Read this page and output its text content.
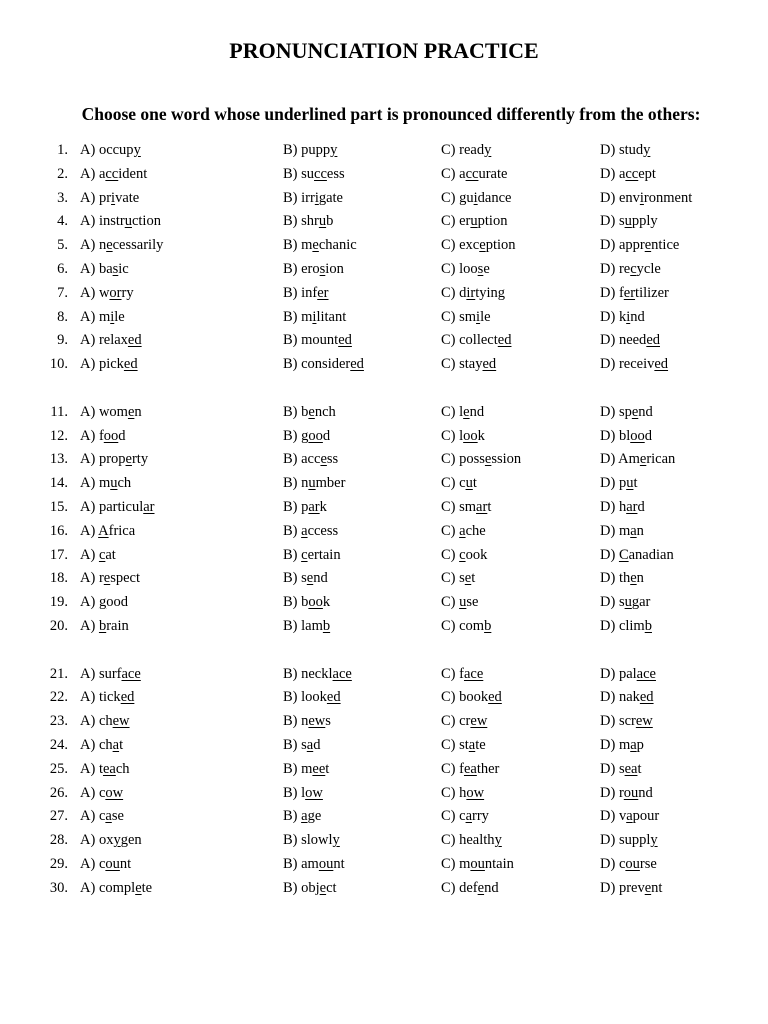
PRONUNCIATION PRACTICE

Choose one word whose underlined part is pronounced differently from the others:

1. A) occupy	B) puppy	C) ready	D) study
2. A) accident	B) success	C) accurate	D) accept
3. A) private	B) irrigate	C) guidance	D) environment
4. A) instruction	B) shrub	C) eruption	D) supply
5. A) necessarily	B) mechanic	C) exception	D) apprentice
6. A) basic	B) erosion	C) loose	D) recycle
7. A) worry	B) infer	C) dirtying	D) fertilizer
8. A) mile	B) militant	C) smile	D) kind
9. A) relaxed	B) mounted	C) collected	D) needed
10. A) picked	B) considered	C) stayed	D) received
11. A) women	B) bench	C) lend	D) spend
12. A) food	B) good	C) look	D) blood
13. A) property	B) access	C) possession	D) American
14. A) much	B) number	C) cut	D) put
15. A) particular	B) park	C) smart	D) hard
16. A) Africa	B) access	C) ache	D) man
17. A) cat	B) certain	C) cook	D) Canadian
18. A) respect	B) send	C) set	D) then
19. A) good	B) book	C) use	D) sugar
20. A) brain	B) lamb	C) comb	D) climb
21. A) surface	B) necklace	C) face	D) palace
22. A) ticked	B) looked	C) booked	D) naked
23. A) chew	B) news	C) crew	D) screw
24. A) chat	B) sad	C) state	D) map
25. A) teach	B) meet	C) feather	D) seat
26. A) cow	B) low	C) how	D) round
27. A) case	B) age	C) carry	D) vapour
28. A) oxygen	B) slowly	C) healthy	D) supply
29. A) count	B) amount	C) mountain	D) course
30. A) complete	B) object	C) defend	D) prevent
